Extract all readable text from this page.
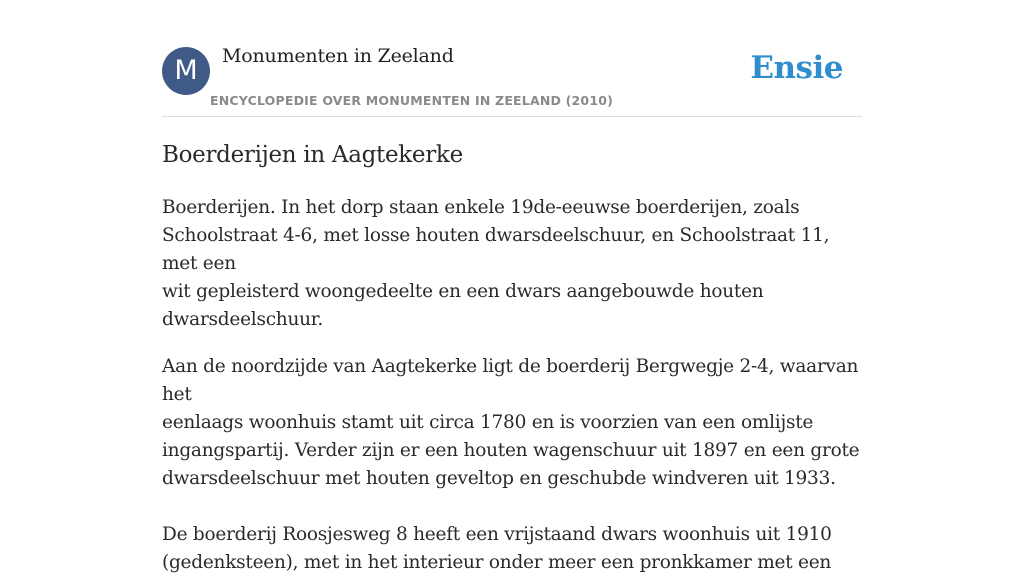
M	Monumenten in Zeeland
ENCYCLOPEDIE OVER MONUMENTEN IN ZEELAND (2010)
Ensie
Boerderijen in Aagtekerke

Boerderijen. In het dorp staan enkele 19de-eeuwse boerderijen, zoals
Schoolstraat 4-6, met losse houten dwarsdeelschuur, en Schoolstraat 11, met een
wit gepleisterd woongedeelte en een dwars aangebouwde houten
dwarsdeelschuur.

Aan de noordzijde van Aagtekerke ligt de boerderij Bergwegje 2-4, waarvan het
eenlaags woonhuis stamt uit circa 1780 en is voorzien van een omlijste
ingangspartij. Verder zijn er een houten wagenschuur uit 1897 en een grote
dwarsdeelschuur met houten geveltop en geschubde windveren uit 1933.

De boerderij Roosjesweg 8 heeft een vrijstaand dwars woonhuis uit 1910
(gedenksteen), met in het interieur onder meer een pronkkamer met een
